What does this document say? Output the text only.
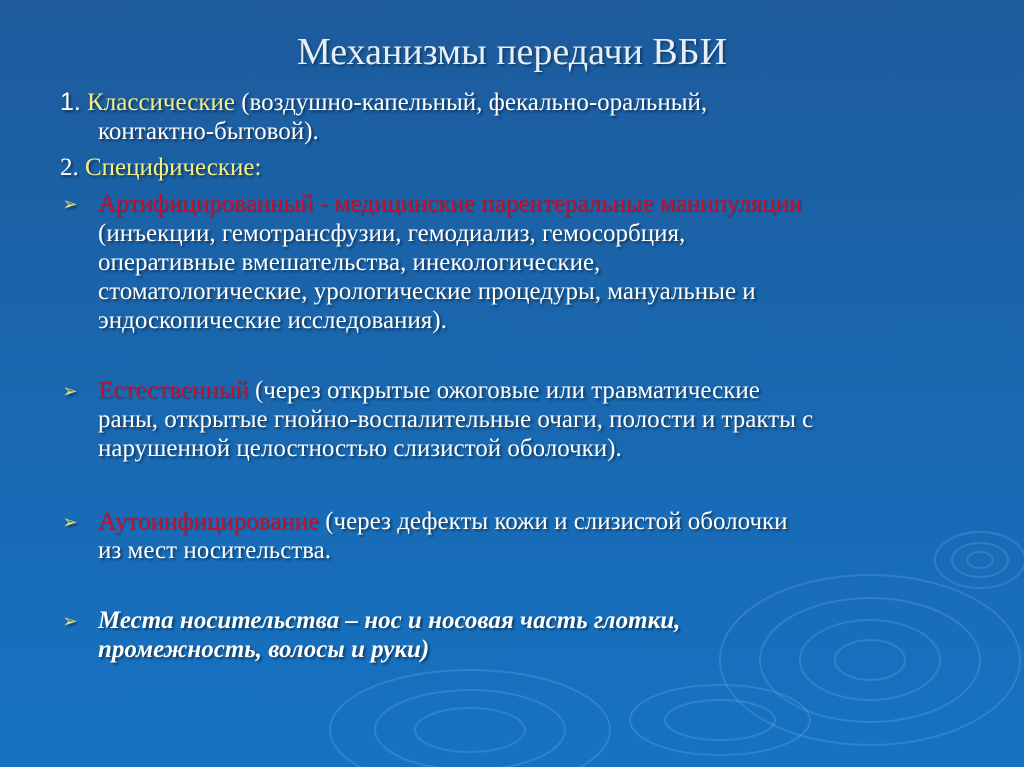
Механизмы передачи ВБИ
1. Классические (воздушно-капельный, фекально-оральный,
контактно-бытовой).
2. Специфические:
➢ Артифицированный - медицинские парентеральные манипуляции
(инъекции, гемотрансфузии, гемодиализ, гемосорбция,
оперативные вмешательства, инекологические,
стоматологические, урологические процедуры, мануальные и
эндоскопические исследования).
➢ Естественный (через открытые ожоговые или травматические
раны, открытые гнойно-воспалительные очаги, полости и тракты с
нарушенной целостностью слизистой оболочки).
➢ Аутоинфицирование (через дефекты кожи и слизистой оболочки
из мест носительства.
➢ Места носительства – нос и носовая часть глотки,
промежность, волосы и руки)
